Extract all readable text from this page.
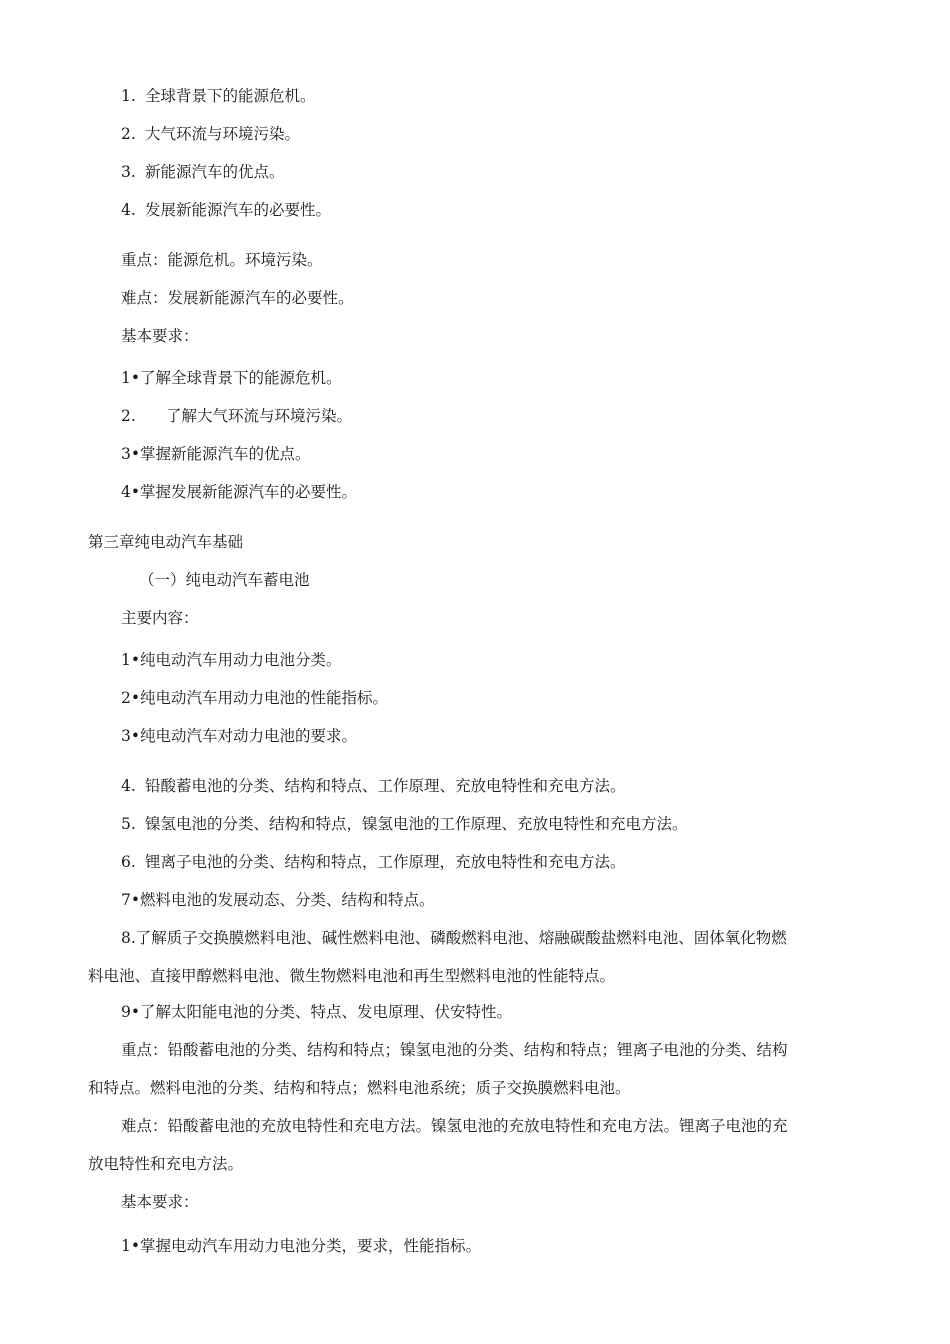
1. 全球背景下的能源危机。
2. 大气环流与环境污染。
3. 新能源汽车的优点。
4. 发展新能源汽车的必要性。
重点：能源危机。环境污染。
难点：发展新能源汽车的必要性。
基本要求：
1•了解全球背景下的能源危机。
2. 了解大气环流与环境污染。
3•掌握新能源汽车的优点。
4•掌握发展新能源汽车的必要性。
第三章纯电动汽车基础
（一）纯电动汽车蓄电池
主要内容：
1•纯电动汽车用动力电池分类。
2•纯电动汽车用动力电池的性能指标。
3•纯电动汽车对动力电池的要求。
4. 铅酸蓄电池的分类、结构和特点、工作原理、充放电特性和充电方法。
5. 镍氢电池的分类、结构和特点，镍氢电池的工作原理、充放电特性和充电方法。
6. 锂离子电池的分类、结构和特点，工作原理，充放电特性和充电方法。
7•燃料电池的发展动态、分类、结构和特点。
8.了解质子交换膜燃料电池、碱性燃料电池、磷酸燃料电池、熔融碳酸盐燃料电池、固体氧化物燃
料电池、直接甲醇燃料电池、微生物燃料电池和再生型燃料电池的性能特点。
9•了解太阳能电池的分类、特点、发电原理、伏安特性。
重点：铅酸蓄电池的分类、结构和特点；镍氢电池的分类、结构和特点；锂离子电池的分类、结构
和特点。燃料电池的分类、结构和特点；燃料电池系统；质子交换膜燃料电池。
难点：铅酸蓄电池的充放电特性和充电方法。镍氢电池的充放电特性和充电方法。锂离子电池的充
放电特性和充电方法。
基本要求：
1•掌握电动汽车用动力电池分类，要求，性能指标。
